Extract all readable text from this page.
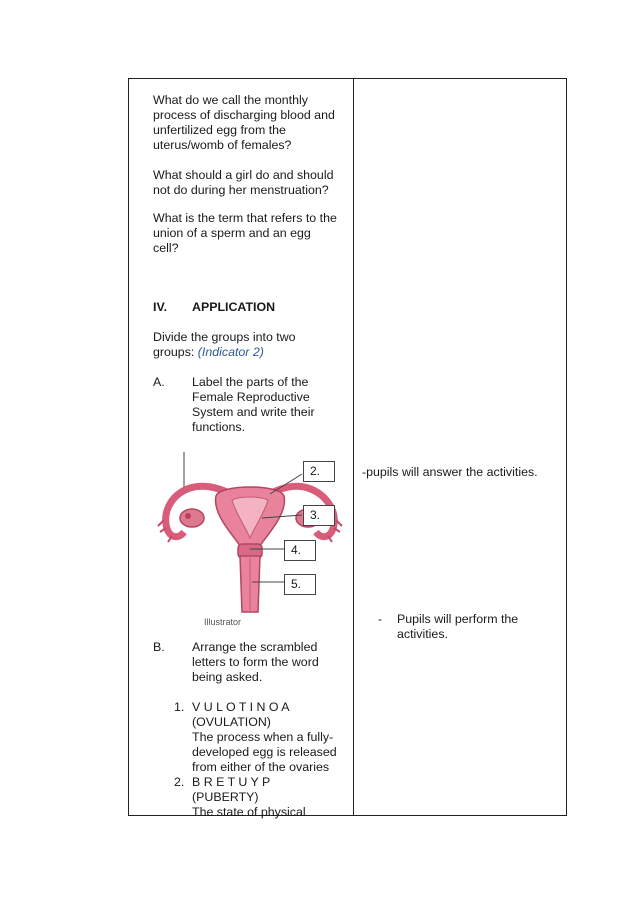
What do we call the monthly
process of discharging blood and
unfertilized egg from the
uterus/womb of females?
What should a girl do and should
not do during her menstruation?
What is the term that refers to the
union of a sperm and an egg
cell?
IV. APPLICATION
Divide the groups into two
groups: (Indicator 2)
A. Label the parts of the
Female Reproductive
System and write their
functions.
2.
3.
4.
5.
Illustrator
B. Arrange the scrambled
letters to form the word
being asked.
1. V U L O T I N O A
(OVULATION)
The process when a fully-
developed egg is released
from either of the ovaries
2. B R E T U Y P
(PUBERTY)
The state of physical
-pupils will answer the activities.
- Pupils will perform the
activities.
